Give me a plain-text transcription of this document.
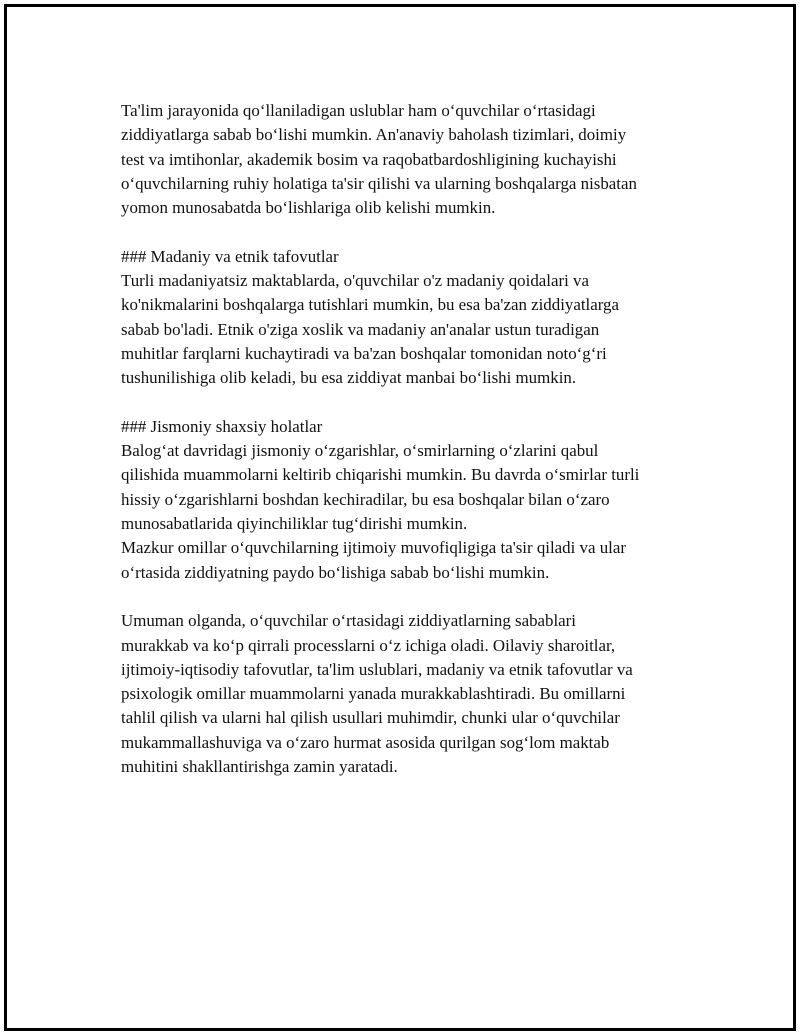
Ta'lim jarayonida qo‘llaniladigan uslublar ham o‘quvchilar o‘rtasidagi

ziddiyatlarga sabab bo‘lishi mumkin. An'anaviy baholash tizimlari, doimiy

test va imtihonlar, akademik bosim va raqobatbardoshligining kuchayishi

o‘quvchilarning ruhiy holatiga ta'sir qilishi va ularning boshqalarga nisbatan

yomon munosabatda bo‘lishlariga olib kelishi mumkin.

### Madaniy va etnik tafovutlar

Turli madaniyatsiz maktablarda, o'quvchilar o'z madaniy qoidalari va

ko'nikmalarini boshqalarga tutishlari mumkin, bu esa ba'zan ziddiyatlarga

sabab bo'ladi. Etnik o'ziga xoslik va madaniy an'analar ustun turadigan

muhitlar farqlarni kuchaytiradi va ba'zan boshqalar tomonidan noto‘g‘ri

tushunilishiga olib keladi, bu esa ziddiyat manbai bo‘lishi mumkin.

### Jismoniy shaxsiy holatlar

Balog‘at davridagi jismoniy o‘zgarishlar, o‘smirlarning o‘zlarini qabul

qilishida muammolarni keltirib chiqarishi mumkin. Bu davrda o‘smirlar turli

hissiy o‘zgarishlarni boshdan kechiradilar, bu esa boshqalar bilan o‘zaro

munosabatlarida qiyinchiliklar tug‘dirishi mumkin.

Mazkur omillar o‘quvchilarning ijtimoiy muvofiqligiga ta'sir qiladi va ular

o‘rtasida ziddiyatning paydo bo‘lishiga sabab bo‘lishi mumkin.

Umuman olganda, o‘quvchilar o‘rtasidagi ziddiyatlarning sabablari

murakkab va ko‘p qirrali processlarni o‘z ichiga oladi. Oilaviy sharoitlar,

ijtimoiy-iqtisodiy tafovutlar, ta'lim uslublari, madaniy va etnik tafovutlar va

psixologik omillar muammolarni yanada murakkablashtiradi. Bu omillarni

tahlil qilish va ularni hal qilish usullari muhimdir, chunki ular o‘quvchilar

mukammallashuviga va o‘zaro hurmat asosida qurilgan sog‘lom maktab

muhitini shakllantirishga zamin yaratadi.
